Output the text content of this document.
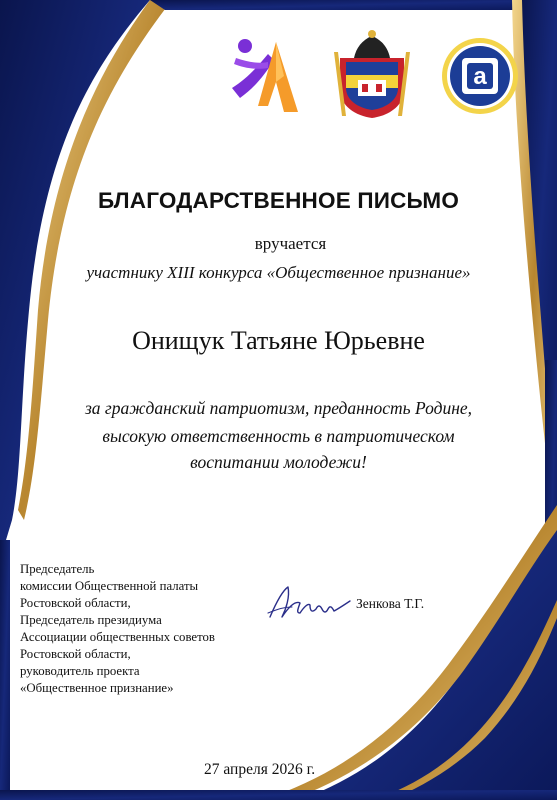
a
БЛАГОДАРСТВЕННОЕ ПИСЬМО
вручается
участнику XIII конкурса «Общественное признание»
Онищук Татьяне Юрьевне
за гражданский патриотизм, преданность Родине,
высокую ответственность в патриотическом
воспитании молодежи!
Председатель
комиссии Общественной палаты
Ростовской области,
Председатель президиума
Ассоциации общественных советов
Ростовской области,
руководитель проекта
«Общественное признание»
Зенкова Т.Г.
27 апреля 2026 г.
